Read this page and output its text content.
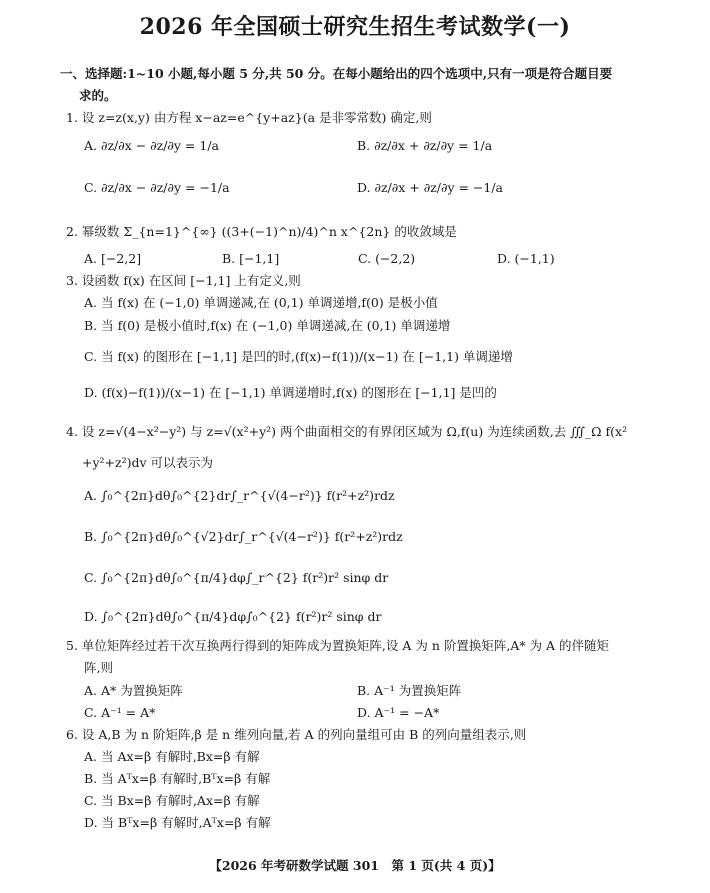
2026 年全国硕士研究生招生考试数学(一)
一、选择题:1~10 小题,每小题 5 分,共 50 分。在每小题给出的四个选项中,只有一项是符合题目要
求的。
1. 设 z=z(x,y) 由方程 x−az=e^{y+az}(a 是非零常数) 确定,则
A. ∂z/∂x − ∂z/∂y = 1/a	B. ∂z/∂x + ∂z/∂y = 1/a
C. ∂z/∂x − ∂z/∂y = −1/a	D. ∂z/∂x + ∂z/∂y = −1/a
2. 幂级数 Σ_{n=1}^{∞} ((3+(−1)^n)/4)^n x^{2n} 的收敛域是
A. [−2,2]	B. [−1,1]	C. (−2,2)	D. (−1,1)
3. 设函数 f(x) 在区间 [−1,1] 上有定义,则
A. 当 f(x) 在 (−1,0) 单调递减,在 (0,1) 单调递增,f(0) 是极小值
B. 当 f(0) 是极小值时,f(x) 在 (−1,0) 单调递减,在 (0,1) 单调递增
C. 当 f(x) 的图形在 [−1,1] 是凹的时,(f(x)−f(1))/(x−1) 在 [−1,1) 单调递增
D. (f(x)−f(1))/(x−1) 在 [−1,1) 单调递增时,f(x) 的图形在 [−1,1] 是凹的
4. 设 z=√(4−x²−y²) 与 z=√(x²+y²) 两个曲面相交的有界闭区域为 Ω,f(u) 为连续函数,去 ∭_Ω f(x²
+y²+z²)dv 可以表示为
A. ∫₀^{2π}dθ∫₀^{2}dr∫_r^{√(4−r²)} f(r²+z²)rdz
B. ∫₀^{2π}dθ∫₀^{√2}dr∫_r^{√(4−r²)} f(r²+z²)rdz
C. ∫₀^{2π}dθ∫₀^{π/4}dφ∫_r^{2} f(r²)r² sinφ dr
D. ∫₀^{2π}dθ∫₀^{π/4}dφ∫₀^{2} f(r²)r² sinφ dr
5. 单位矩阵经过若干次互换两行得到的矩阵成为置换矩阵,设 A 为 n 阶置换矩阵,A* 为 A 的伴随矩
阵,则
A. A* 为置换矩阵	B. A⁻¹ 为置换矩阵
C. A⁻¹ = A*	D. A⁻¹ = −A*
6. 设 A,B 为 n 阶矩阵,β 是 n 维列向量,若 A 的列向量组可由 B 的列向量组表示,则
A. 当 Ax=β 有解时,Bx=β 有解
B. 当 Aᵀx=β 有解时,Bᵀx=β 有解
C. 当 Bx=β 有解时,Ax=β 有解
D. 当 Bᵀx=β 有解时,Aᵀx=β 有解
【2026 年考研数学试题 301　第 1 页(共 4 页)】
